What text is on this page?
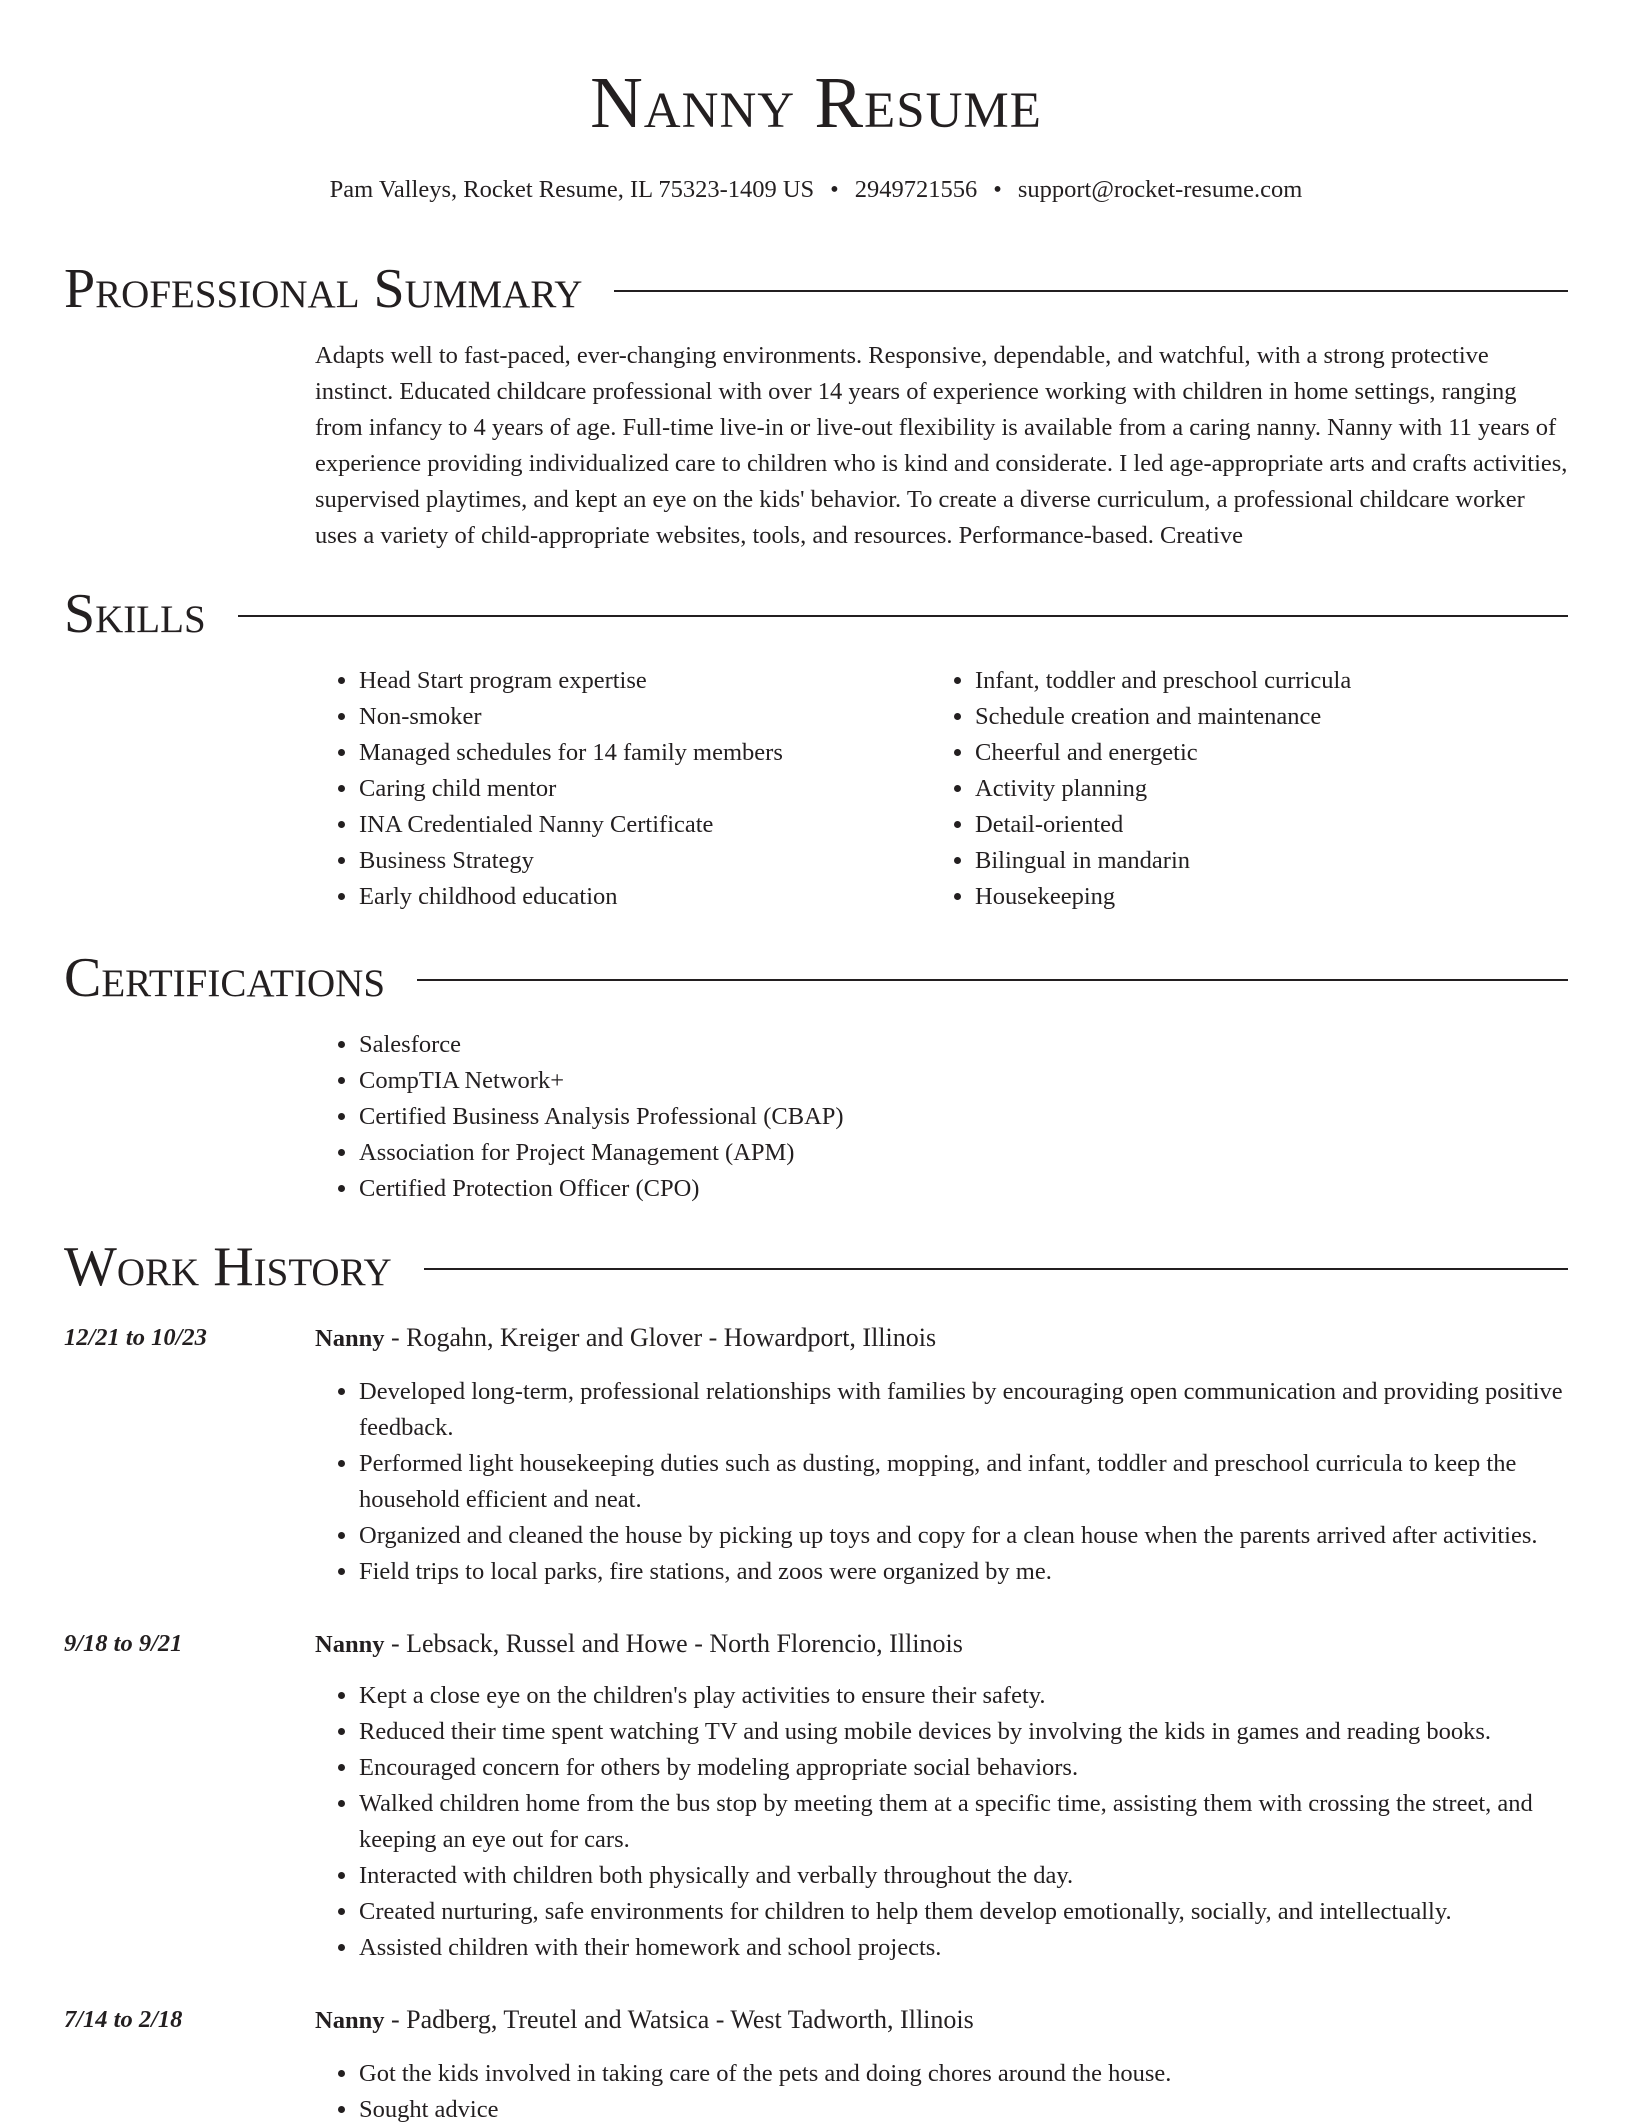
Nanny Resume
Pam Valleys, Rocket Resume, IL 75323-1409 US • 2949721556 • support@rocket-resume.com
Professional Summary

Adapts well to fast-paced, ever-changing environments. Responsive, dependable, and watchful, with a strong protective instinct. Educated childcare professional with over 14 years of experience working with children in home settings, ranging from infancy to 4 years of age. Full-time live-in or live-out flexibility is available from a caring nanny. Nanny with 11 years of experience providing individualized care to children who is kind and considerate. I led age-appropriate arts and crafts activities, supervised playtimes, and kept an eye on the kids' behavior. To create a diverse curriculum, a professional childcare worker uses a variety of child-appropriate websites, tools, and resources. Performance-based. Creative

Skills
• Head Start program expertise
• Non-smoker
• Managed schedules for 14 family members
• Caring child mentor
• INA Credentialed Nanny Certificate
• Business Strategy
• Early childhood education
• Infant, toddler and preschool curricula
• Schedule creation and maintenance
• Cheerful and energetic
• Activity planning
• Detail-oriented
• Bilingual in mandarin
• Housekeeping
Certifications
• Salesforce
• CompTIA Network+
• Certified Business Analysis Professional (CBAP)
• Association for Project Management (APM)
• Certified Protection Officer (CPO)
Work History
12/21 to 10/23	Nanny - Rogahn, Kreiger and Glover - Howardport, Illinois
• Developed long-term, professional relationships with families by encouraging open communication and providing positive feedback.
• Performed light housekeeping duties such as dusting, mopping, and infant, toddler and preschool curricula to keep the household efficient and neat.
• Organized and cleaned the house by picking up toys and copy for a clean house when the parents arrived after activities.
• Field trips to local parks, fire stations, and zoos were organized by me.
9/18 to 9/21	Nanny - Lebsack, Russel and Howe - North Florencio, Illinois
• Kept a close eye on the children's play activities to ensure their safety.
• Reduced their time spent watching TV and using mobile devices by involving the kids in games and reading books.
• Encouraged concern for others by modeling appropriate social behaviors.
• Walked children home from the bus stop by meeting them at a specific time, assisting them with crossing the street, and keeping an eye out for cars.
• Interacted with children both physically and verbally throughout the day.
• Created nurturing, safe environments for children to help them develop emotionally, socially, and intellectually.
• Assisted children with their homework and school projects.
7/14 to 2/18	Nanny - Padberg, Treutel and Watsica - West Tadworth, Illinois
• Got the kids involved in taking care of the pets and doing chores around the house.
• Sought advice
